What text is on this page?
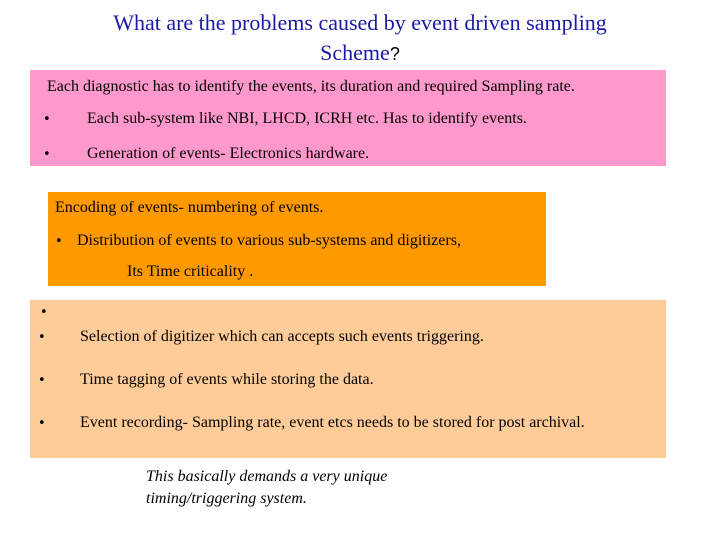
What are the problems caused by event driven sampling
Scheme?
Each diagnostic has to identify the events, its duration and required Sampling rate.
• Each sub-system like NBI, LHCD, ICRH etc. Has to identify events.
• Generation of events- Electronics hardware.
Encoding of events- numbering of events.
• Distribution of events to various sub-systems and digitizers,
Its Time criticality .
•
• Selection of digitizer which can accepts such events triggering.
• Time tagging of events while storing the data.
• Event recording- Sampling rate, event etcs needs to be stored for post archival.
This basically demands a very unique timing/triggering system.
